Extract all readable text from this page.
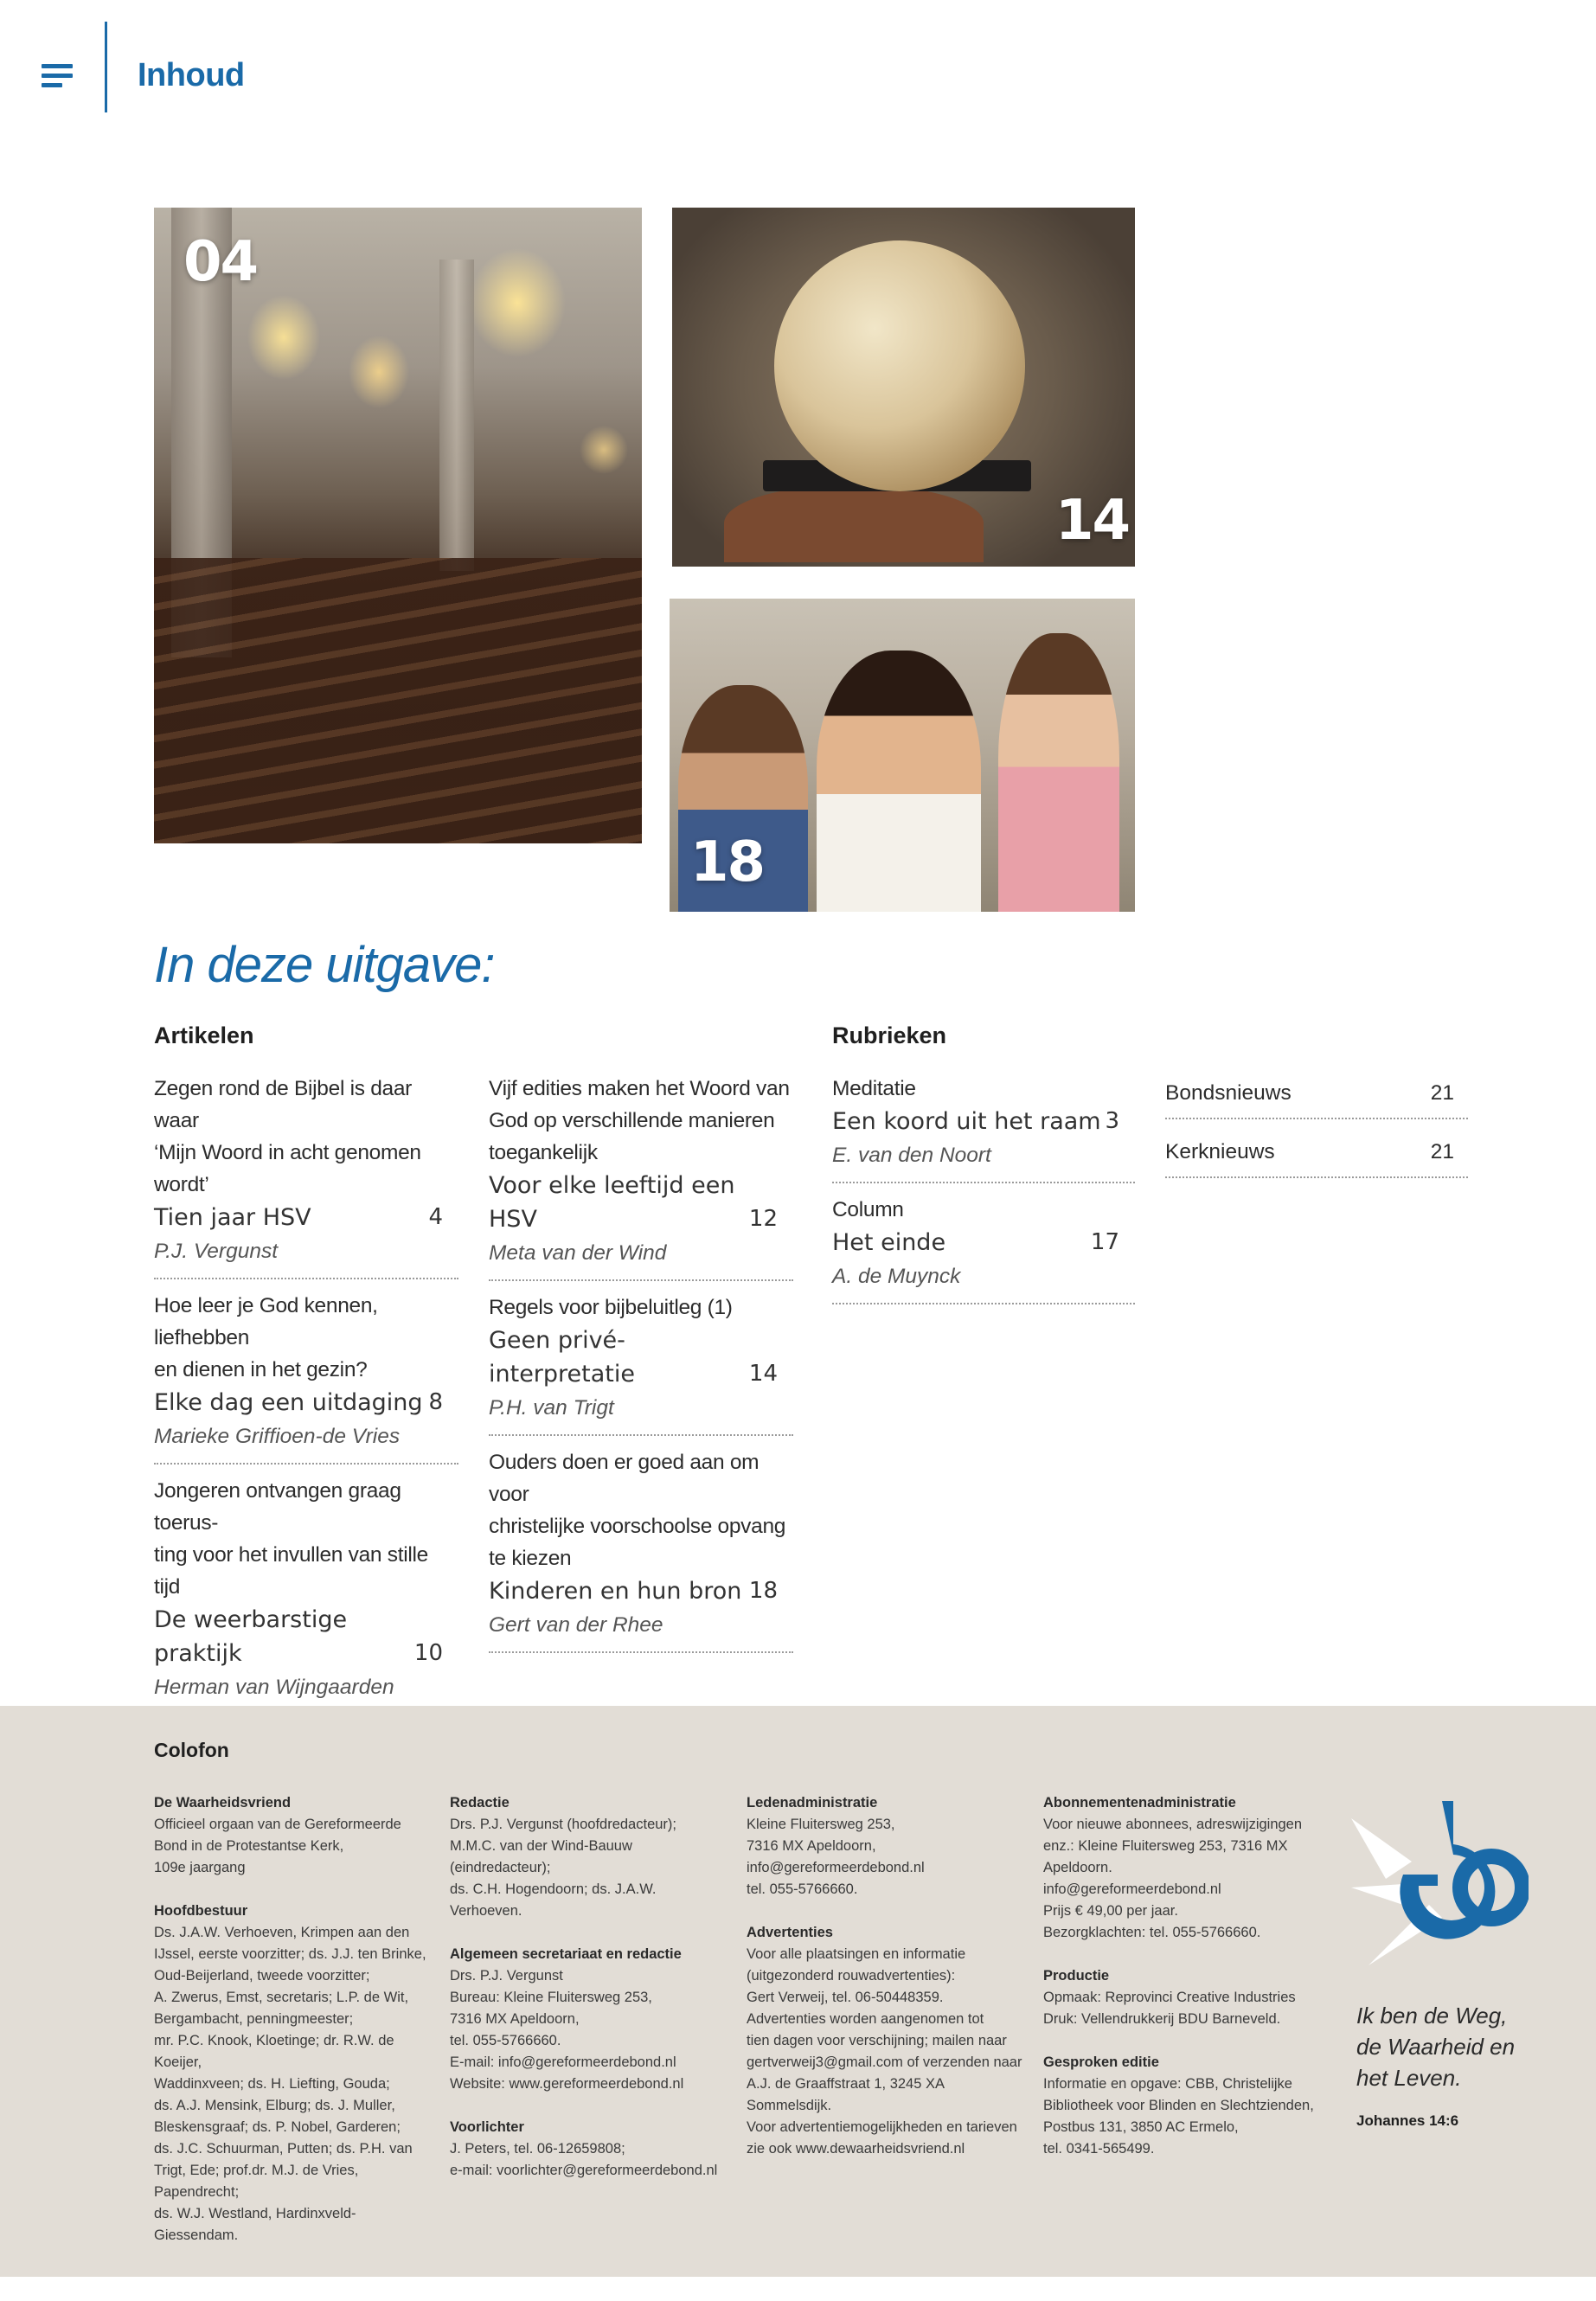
Inhoud
04
14
18
In deze uitgave:
Artikelen	Rubrieken
Zegen rond de Bijbel is daar waar
‘Mijn Woord in acht genomen
wordt’
Tien jaar HSV	4
P.J. Vergunst
Hoe leer je God kennen, liefhebben
en dienen in het gezin?
Elke dag een uitdaging 8
Marieke Griffioen-de Vries
Jongeren ontvangen graag toerus-
ting voor het invullen van stille tijd
De weerbarstige
praktijk	10
Herman van Wijngaarden
Vijf edities maken het Woord van
God op verschillende manieren
toegankelijk
Voor elke leeftijd een HSV	12
Meta van der Wind
Regels voor bijbeluitleg (1)
Geen privé-interpretatie	14
P.H. van Trigt
Ouders doen er goed aan om voor
christelijke voorschoolse opvang
te kiezen
Kinderen en hun bron 18
Gert van der Rhee
Meditatie
Een koord uit het raam 3
E. van den Noort
Column
Het einde	17
A. de Muynck
Bondsnieuws	21
Kerknieuws	21
Colofon
De Waarheidsvriend
Officieel orgaan van de Gereformeerde
Bond in de Protestantse Kerk,
109e jaargang
Hoofdbestuur
Ds. J.A.W. Verhoeven, Krimpen aan den
IJssel, eerste voorzitter; ds. J.J. ten Brinke,
Oud-Beijerland, tweede voorzitter;
A. Zwerus, Emst, secretaris; L.P. de Wit,
Bergambacht, penningmeester;
mr. P.C. Knook, Kloetinge; dr. R.W. de Koeijer,
Waddinxveen; ds. H. Liefting, Gouda;
ds. A.J. Mensink, Elburg; ds. J. Muller,
Bleskensgraaf; ds. P. Nobel, Garderen;
ds. J.C. Schuurman, Putten; ds. P.H. van
Trigt, Ede; prof.dr. M.J. de Vries, Papendrecht;
ds. W.J. Westland, Hardinxveld-Giessendam.
Redactie
Drs. P.J. Vergunst (hoofdredacteur);
M.M.C. van der Wind-Bauuw (eindredacteur);
ds. C.H. Hogendoorn; ds. J.A.W. Verhoeven.
Algemeen secretariaat en redactie
Drs. P.J. Vergunst
Bureau: Kleine Fluitersweg 253,
7316 MX Apeldoorn,
tel. 055-5766660.
E-mail: info@gereformeerdebond.nl
Website: www.gereformeerdebond.nl
Voorlichter
J. Peters, tel. 06-12659808;
e-mail: voorlichter@gereformeerdebond.nl
Ledenadministratie
Kleine Fluitersweg 253,
7316 MX Apeldoorn,
info@gereformeerdebond.nl
tel. 055-5766660.
Advertenties
Voor alle plaatsingen en informatie
(uitgezonderd rouwadvertenties):
Gert Verweij, tel. 06-50448359.
Advertenties worden aangenomen tot
tien dagen voor verschijning; mailen naar
gertverweij3@gmail.com of verzenden naar
A.J. de Graaffstraat 1, 3245 XA Sommelsdijk.
Voor advertentiemogelijkheden en tarieven
zie ook www.dewaarheidsvriend.nl
Abonnementenadministratie
Voor nieuwe abonnees, adreswijzigingen
enz.: Kleine Fluitersweg 253, 7316 MX
Apeldoorn.
info@gereformeerdebond.nl
Prijs € 49,00 per jaar.
Bezorgklachten: tel. 055-5766660.
Productie
Opmaak: Reprovinci Creative Industries
Druk: Vellendrukkerij BDU Barneveld.
Gesproken editie
Informatie en opgave: CBB, Christelijke
Bibliotheek voor Blinden en Slechtzienden,
Postbus 131, 3850 AC Ermelo,
tel. 0341-565499.
Ik ben de Weg,
de Waarheid en
het Leven.
Johannes 14:6
